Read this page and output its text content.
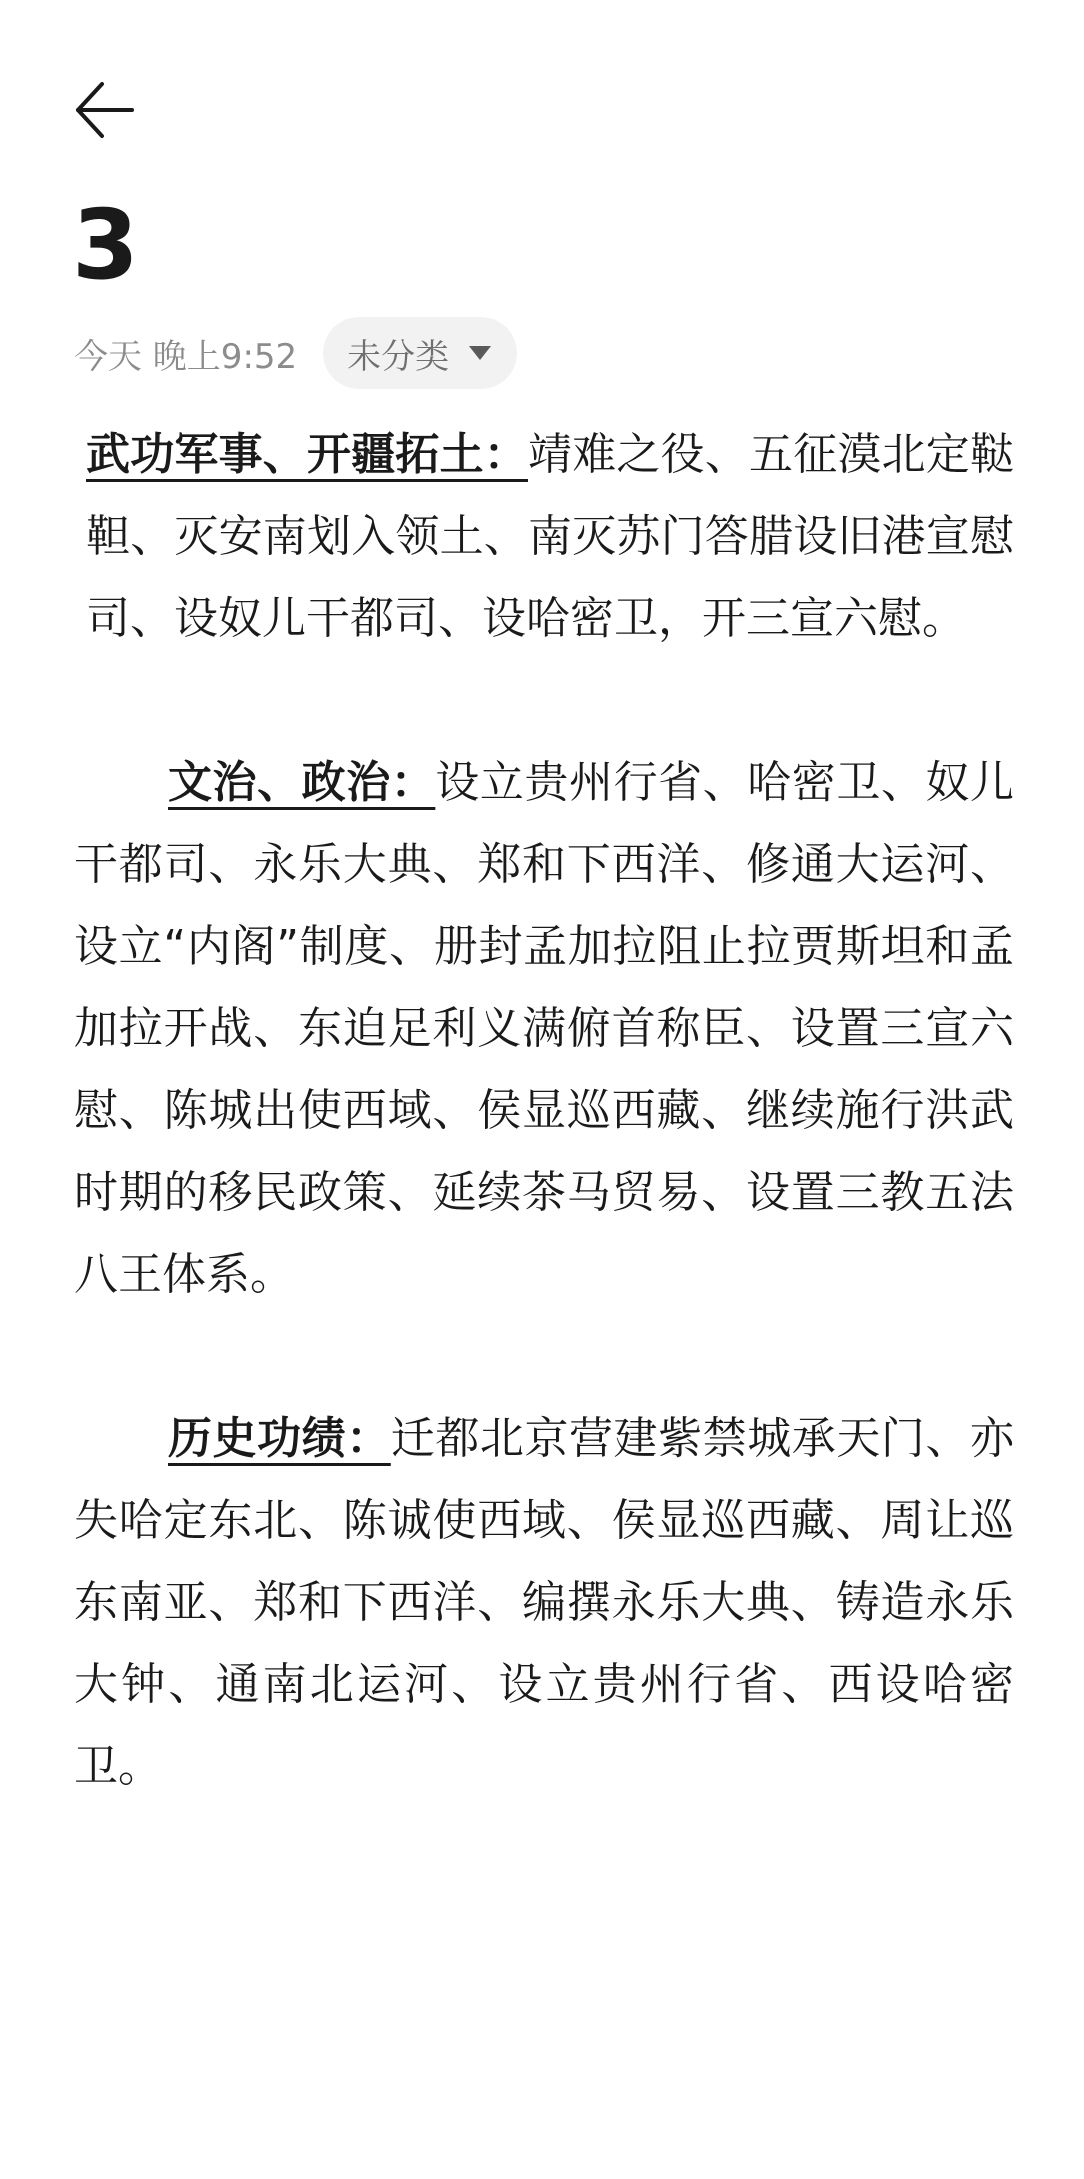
3
今天 晚上9:52 未分类

武功军事、开疆拓土：靖难之役、五征漠北定鞑靼、灭安南划入领土、南灭苏门答腊设旧港宣慰司、设奴儿干都司、设哈密卫，开三宣六慰。

文治、政治：设立贵州行省、哈密卫、奴儿干都司、永乐大典、郑和下西洋、修通大运河、设立“内阁”制度、册封孟加拉阻止拉贾斯坦和孟加拉开战、东迫足利义满俯首称臣、设置三宣六慰、陈城出使西域、侯显巡西藏、继续施行洪武时期的移民政策、延续茶马贸易、设置三教五法八王体系。

历史功绩：迁都北京营建紫禁城承天门、亦失哈定东北、陈诚使西域、侯显巡西藏、周让巡东南亚、郑和下西洋、编撰永乐大典、铸造永乐大钟、通南北运河、设立贵州行省、西设哈密卫。
